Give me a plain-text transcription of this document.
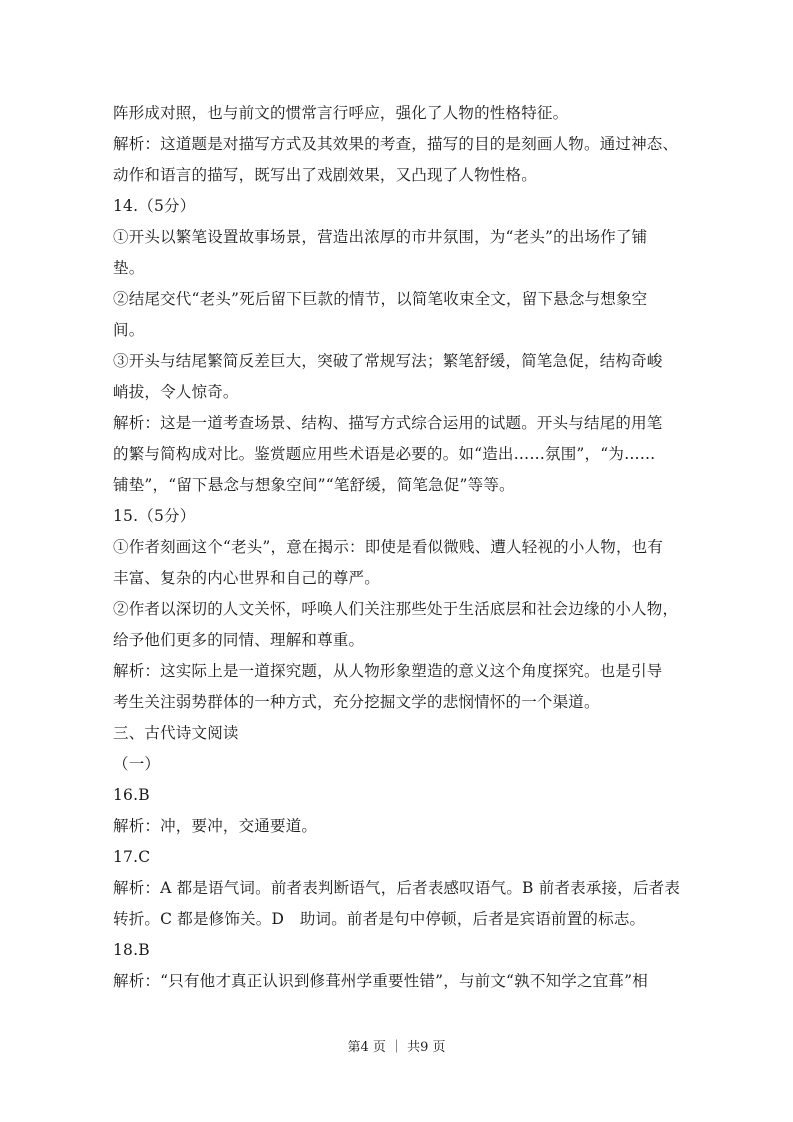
阵形成对照，也与前文的惯常言行呼应，强化了人物的性格特征。
解析：这道题是对描写方式及其效果的考查，描写的目的是刻画人物。通过神态、
动作和语言的描写，既写出了戏剧效果，又凸现了人物性格。
14.（5分）
①开头以繁笔设置故事场景，营造出浓厚的市井氛围，为“老头”的出场作了铺
垫。
②结尾交代“老头”死后留下巨款的情节，以简笔收束全文，留下悬念与想象空
间。
③开头与结尾繁简反差巨大，突破了常规写法；繁笔舒缓，简笔急促，结构奇峻
峭拔，令人惊奇。
解析：这是一道考查场景、结构、描写方式综合运用的试题。开头与结尾的用笔
的繁与简构成对比。鉴赏题应用些术语是必要的。如“造出……氛围”，“为……
铺垫”，“留下悬念与想象空间”“笔舒缓，简笔急促”等等。
15.（5分）
①作者刻画这个“老头”，意在揭示：即使是看似微贱、遭人轻视的小人物，也有
丰富、复杂的内心世界和自己的尊严。
②作者以深切的人文关怀，呼唤人们关注那些处于生活底层和社会边缘的小人物，
给予他们更多的同情、理解和尊重。
解析：这实际上是一道探究题，从人物形象塑造的意义这个角度探究。也是引导
考生关注弱势群体的一种方式，充分挖掘文学的悲悯情怀的一个渠道。
三、古代诗文阅读
（一）
16.B
解析：冲，要冲，交通要道。
17.C
解析：A 都是语气词。前者表判断语气，后者表感叹语气。B 前者表承接，后者表
转折。C 都是修饰关。D　助词。前者是句中停顿，后者是宾语前置的标志。
18.B
解析：“只有他才真正认识到修葺州学重要性错”，与前文“孰不知学之宜葺”相
第4 页 ｜ 共9 页
